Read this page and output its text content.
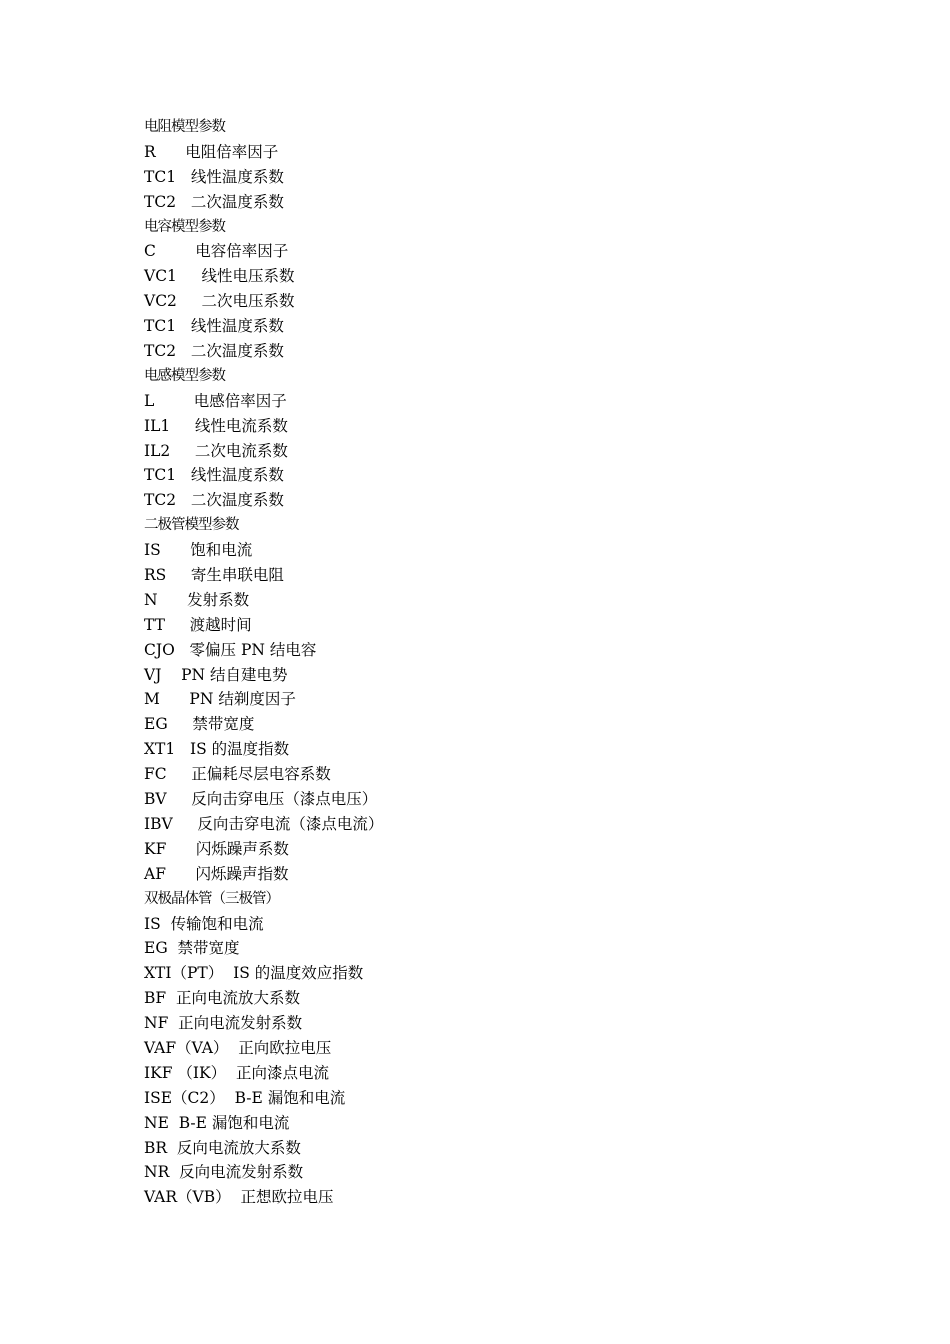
电阻模型参数
R      电阻倍率因子
TC1   线性温度系数
TC2   二次温度系数
电容模型参数
C        电容倍率因子
VC1     线性电压系数
VC2     二次电压系数
TC1   线性温度系数
TC2   二次温度系数
电感模型参数
L        电感倍率因子
IL1     线性电流系数
IL2     二次电流系数
TC1   线性温度系数
TC2   二次温度系数
二极管模型参数
IS      饱和电流
RS     寄生串联电阻
N      发射系数
TT     渡越时间
CJO   零偏压 PN 结电容
VJ    PN 结自建电势
M      PN 结剃度因子
EG     禁带宽度
XT1   IS 的温度指数
FC     正偏耗尽层电容系数
BV     反向击穿电压（漆点电压）
IBV     反向击穿电流（漆点电流）
KF      闪烁躁声系数
AF      闪烁躁声指数
双极晶体管（三极管）
IS  传输饱和电流
EG  禁带宽度
XTI（PT）  IS 的温度效应指数
BF  正向电流放大系数
NF  正向电流发射系数
VAF（VA）  正向欧拉电压
IKF （IK）  正向漆点电流
ISE（C2）  B-E 漏饱和电流
NE  B-E 漏饱和电流
BR  反向电流放大系数
NR  反向电流发射系数
VAR（VB）  正想欧拉电压
